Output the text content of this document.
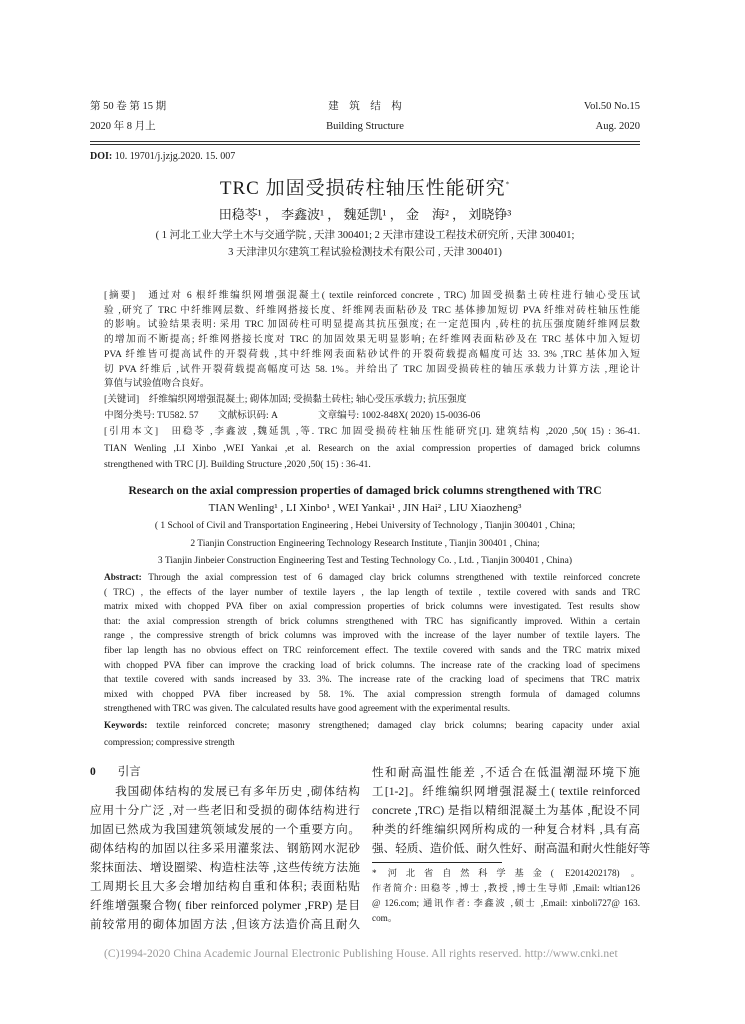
第 50 卷 第 15 期
2020 年 8 月上
建　筑　结　构
Building Structure
Vol.50 No.15
Aug. 2020
DOI: 10. 19701/j.jzjg.2020. 15. 007
TRC 加固受损砖柱轴压性能研究*
田稳苓¹ ， 李鑫波¹ ， 魏延凯¹ ， 金　海² ， 刘晓铮³
( 1 河北工业大学土木与交通学院 , 天津 300401; 2 天津市建设工程技术研究所 , 天津 300401;
3 天津津贝尔建筑工程试验检测技术有限公司 , 天津 300401)
[摘要]　通过对 6 根纤维编织网增强混凝土( textile reinforced concrete , TRC) 加固受损黏土砖柱进行轴心受压试
验 ,研究了 TRC 中纤维网层数、纤维网搭接长度、纤维网表面粘砂及 TRC 基体掺加短切 PVA 纤维对砖柱轴压性能
的影响。试验结果表明: 采用 TRC 加固砖柱可明显提高其抗压强度; 在一定范围内 ,砖柱的抗压强度随纤维网层数
的增加而不断提高; 纤维网搭接长度对 TRC 的加固效果无明显影响; 在纤维网表面粘砂及在 TRC 基体中加入短切
PVA 纤维皆可提高试件的开裂荷载 ,其中纤维网表面粘砂试件的开裂荷载提高幅度可达 33. 3% ,TRC 基体加入短
切 PVA 纤维后 ,试件开裂荷载提高幅度可达 58. 1%。并给出了 TRC 加固受损砖柱的轴压承载力计算方法 ,理论计
算值与试验值吻合良好。
[关键词]　纤维编织网增强混凝土; 砌体加固; 受损黏土砖柱; 轴心受压承载力; 抗压强度
中图分类号: TU582. 57 文献标识码: A	文章编号: 1002-848X( 2020) 15-0036-06
[引用本文]　田稳苓 ,李鑫波 ,魏延凯 ,等. TRC 加固受损砖柱轴压性能研究[J]. 建筑结构 ,2020 ,50( 15) : 36-41.
TIAN Wenling ,LI Xinbo ,WEI Yankai ,et al. Research on the axial compression properties of damaged brick columns
strengthened with TRC [J]. Building Structure ,2020 ,50( 15) : 36-41.
Research on the axial compression properties of damaged brick columns strengthened with TRC
TIAN Wenling¹ , LI Xinbo¹ , WEI Yankai¹ , JIN Hai² , LIU Xiaozheng³
( 1 School of Civil and Transportation Engineering , Hebei University of Technology , Tianjin 300401 , China;
2 Tianjin Construction Engineering Technology Research Institute , Tianjin 300401 , China;
3 Tianjin Jinbeier Construction Engineering Test and Testing Technology Co. , Ltd. , Tianjin 300401 , China)
Abstract: Through the axial compression test of 6 damaged clay brick columns strengthened with textile reinforced concrete
( TRC) , the effects of the layer number of textile layers , the lap length of textile , textile covered with sands and TRC
matrix mixed with chopped PVA fiber on axial compression properties of brick columns were investigated. Test results show
that: the axial compression strength of brick columns strengthened with TRC has significantly improved. Within a certain
range , the compressive strength of brick columns was improved with the increase of the layer number of textile layers. The
fiber lap length has no obvious effect on TRC reinforcement effect. The textile covered with sands and the TRC matrix mixed
with chopped PVA fiber can improve the cracking load of brick columns. The increase rate of the cracking load of specimens
that textile covered with sands increased by 33. 3%. The increase rate of the cracking load of specimens that TRC matrix
mixed with chopped PVA fiber increased by 58. 1%. The axial compression strength formula of damaged columns
strengthened with TRC was given. The calculated results have good agreement with the experimental results.
Keywords: textile reinforced concrete; masonry strengthened; damaged clay brick columns; bearing capacity under axial
compression; compressive strength
0 引言
　　我国砌体结构的发展已有多年历史 ,砌体结构
应用十分广泛 ,对一些老旧和受损的砌体结构进行
加固已然成为我国建筑领域发展的一个重要方向。
砌体结构的加固以往多采用灌浆法、钢筋网水泥砂
浆抹面法、增设圈梁、构造柱法等 ,这些传统方法施
工周期长且大多会增加结构自重和体积; 表面粘贴
纤维增强聚合物( fiber reinforced polymer ,FRP) 是目
前较常用的砌体加固方法 ,但该方法造价高且耐久
性和耐高温性能差 ,不适合在低温潮湿环境下施
工[1-2]。纤维编织网增强混凝土( textile reinforced
concrete ,TRC) 是指以精细混凝土为基体 ,配设不同
种类的纤维编织网所构成的一种复合材料 ,具有高
强、轻质、造价低、耐久性好、耐高温和耐火性能好等
* 河北省自然科学基金( E2014202178) 。
作者简介: 田稳苓 ,博士 ,教授 ,博士生导师 ,Email: wltian126
@ 126.com; 通讯作者: 李鑫波 ,硕士 ,Email: xinboli727@ 163.
com。
(C)1994-2020 China Academic Journal Electronic Publishing House. All rights reserved. http://www.cnki.net
